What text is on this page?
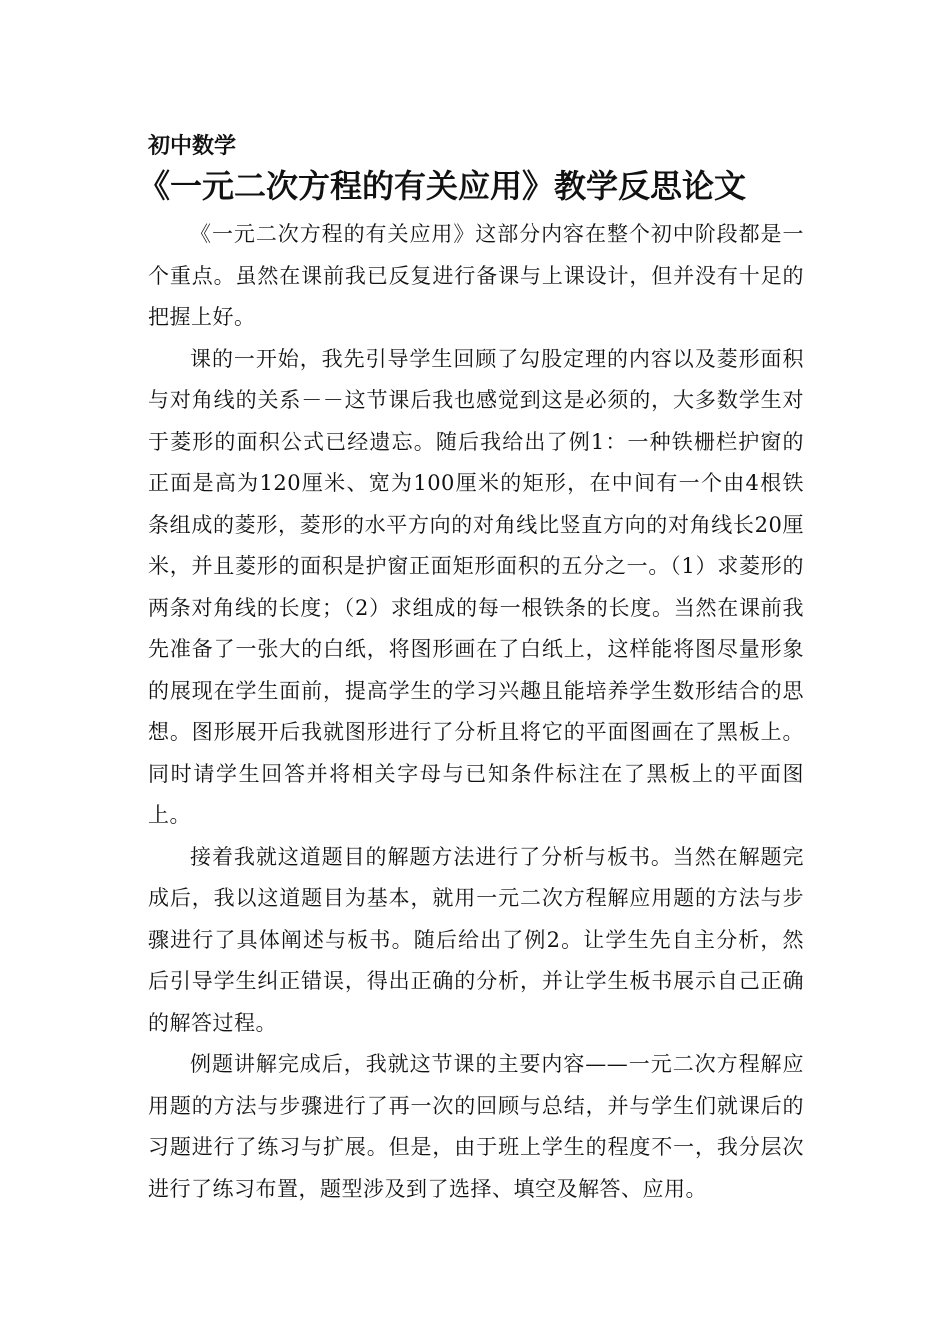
初中数学
《一元二次方程的有关应用》教学反思论文

《一元二次方程的有关应用》这部分内容在整个初中阶段都是一个重点。虽然在课前我已反复进行备课与上课设计，但并没有十足的把握上好。

课的一开始，我先引导学生回顾了勾股定理的内容以及菱形面积与对角线的关系－－这节课后我也感觉到这是必须的，大多数学生对于菱形的面积公式已经遗忘。随后我给出了例1：一种铁栅栏护窗的正面是高为120厘米、宽为100厘米的矩形，在中间有一个由4根铁条组成的菱形，菱形的水平方向的对角线比竖直方向的对角线长20厘米，并且菱形的面积是护窗正面矩形面积的五分之一。（1）求菱形的两条对角线的长度；（2）求组成的每一根铁条的长度。当然在课前我先准备了一张大的白纸，将图形画在了白纸上，这样能将图尽量形象的展现在学生面前，提高学生的学习兴趣且能培养学生数形结合的思想。图形展开后我就图形进行了分析且将它的平面图画在了黑板上。同时请学生回答并将相关字母与已知条件标注在了黑板上的平面图上。

接着我就这道题目的解题方法进行了分析与板书。当然在解题完成后，我以这道题目为基本，就用一元二次方程解应用题的方法与步骤进行了具体阐述与板书。随后给出了例2。让学生先自主分析，然后引导学生纠正错误，得出正确的分析，并让学生板书展示自己正确的解答过程。

例题讲解完成后，我就这节课的主要内容——一元二次方程解应用题的方法与步骤进行了再一次的回顾与总结，并与学生们就课后的习题进行了练习与扩展。但是，由于班上学生的程度不一，我分层次进行了练习布置，题型涉及到了选择、填空及解答、应用。
